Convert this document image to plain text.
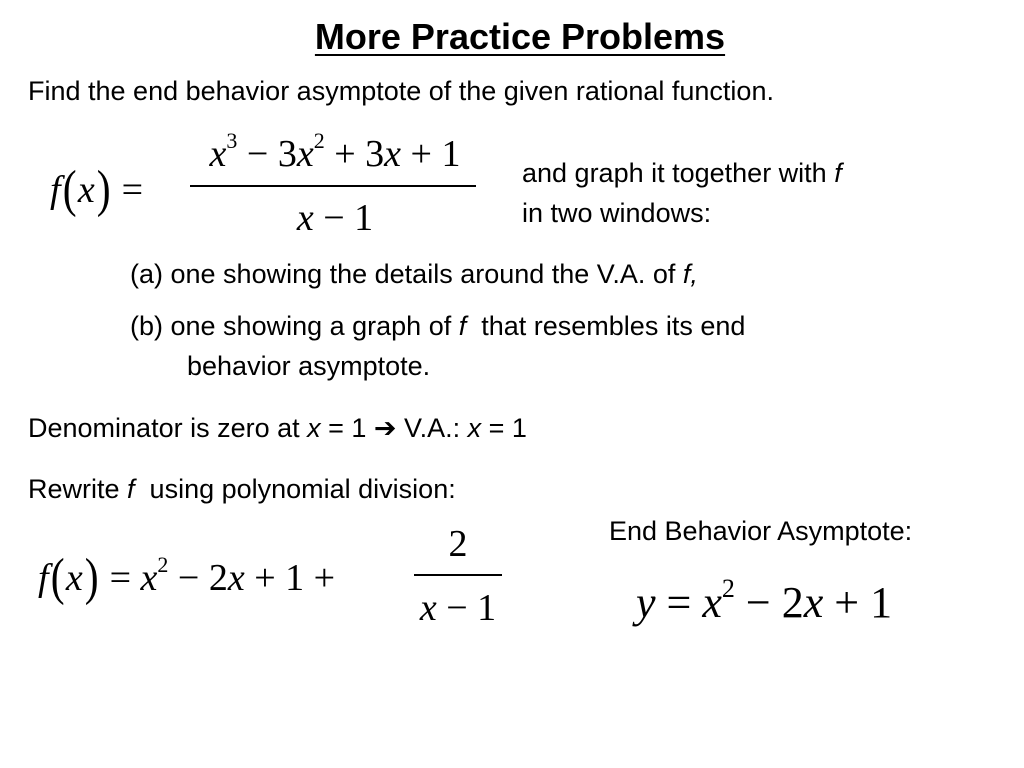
More Practice Problems
Find the end behavior asymptote of the given rational function.
f(x) =
$x^3 - 3x^2 + 3x + 1$
x − 1
and graph it together with f
in two windows:
(a) one showing the details around the V.A. of f,
(b) one showing a graph of f  that resembles its end
behavior asymptote.
Denominator is zero at x = 1 ➔ V.A.: x = 1
Rewrite f  using polynomial division:
$f(x) = x^2 - 2x + 1$ +
2
x − 1
End Behavior Asymptote:
$y = x^2 - 2x + 1$
